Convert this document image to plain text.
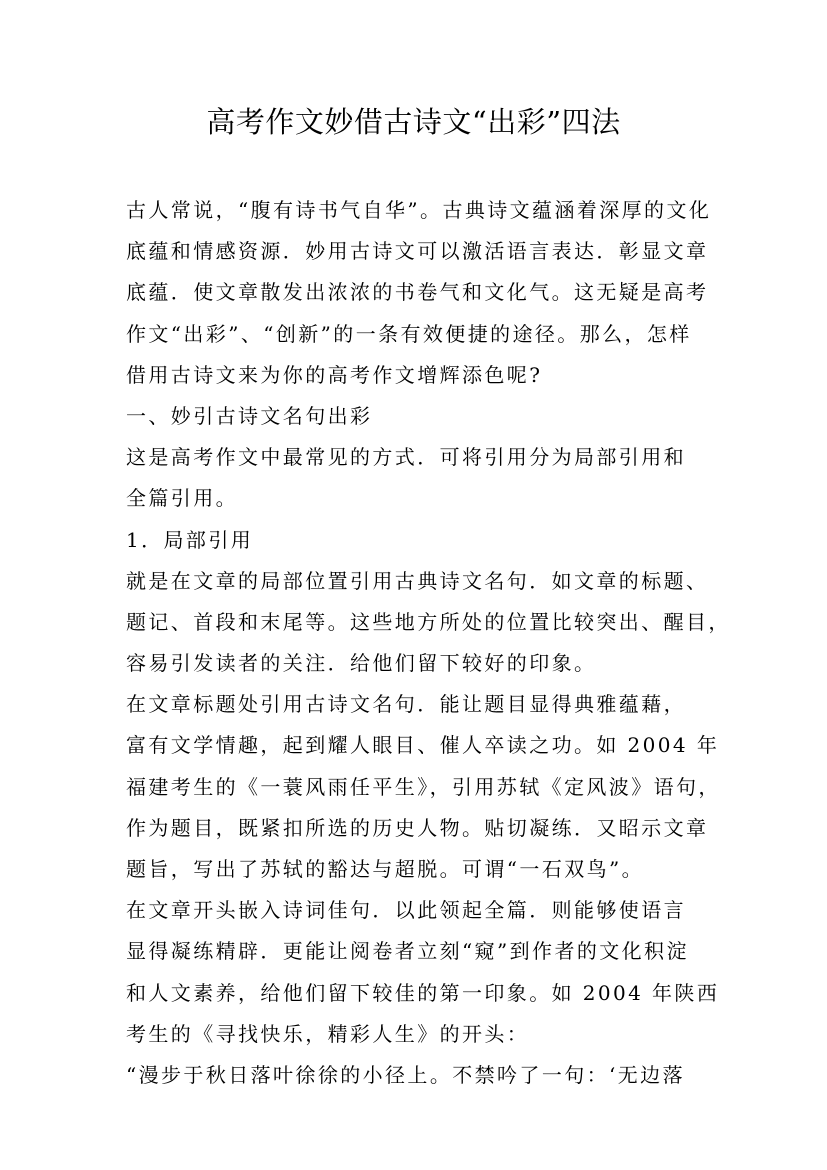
高考作文妙借古诗文“出彩”四法
古人常说，“腹有诗书气自华”。古典诗文蕴涵着深厚的文化
底蕴和情感资源．妙用古诗文可以激活语言表达．彰显文章
底蕴．使文章散发出浓浓的书卷气和文化气。这无疑是高考
作文“出彩”、“创新”的一条有效便捷的途径。那么，怎样
借用古诗文来为你的高考作文增辉添色呢?
一、妙引古诗文名句出彩
这是高考作文中最常见的方式．可将引用分为局部引用和
全篇引用。
1．局部引用
就是在文章的局部位置引用古典诗文名句．如文章的标题、
题记、首段和末尾等。这些地方所处的位置比较突出、醒目，
容易引发读者的关注．给他们留下较好的印象。
在文章标题处引用古诗文名句．能让题目显得典雅蕴藉，
富有文学情趣，起到耀人眼目、催人卒读之功。如 2004 年
福建考生的《一蓑风雨任平生》，引用苏轼《定风波》语句，
作为题目，既紧扣所选的历史人物。贴切凝练．又昭示文章
题旨，写出了苏轼的豁达与超脱。可谓“一石双鸟”。
在文章开头嵌入诗词佳句．以此领起全篇．则能够使语言
显得凝练精辟．更能让阅卷者立刻“窥”到作者的文化积淀
和人文素养，给他们留下较佳的第一印象。如 2004 年陕西
考生的《寻找快乐，精彩人生》的开头：
“漫步于秋日落叶徐徐的小径上。不禁吟了一句：‘无边落
